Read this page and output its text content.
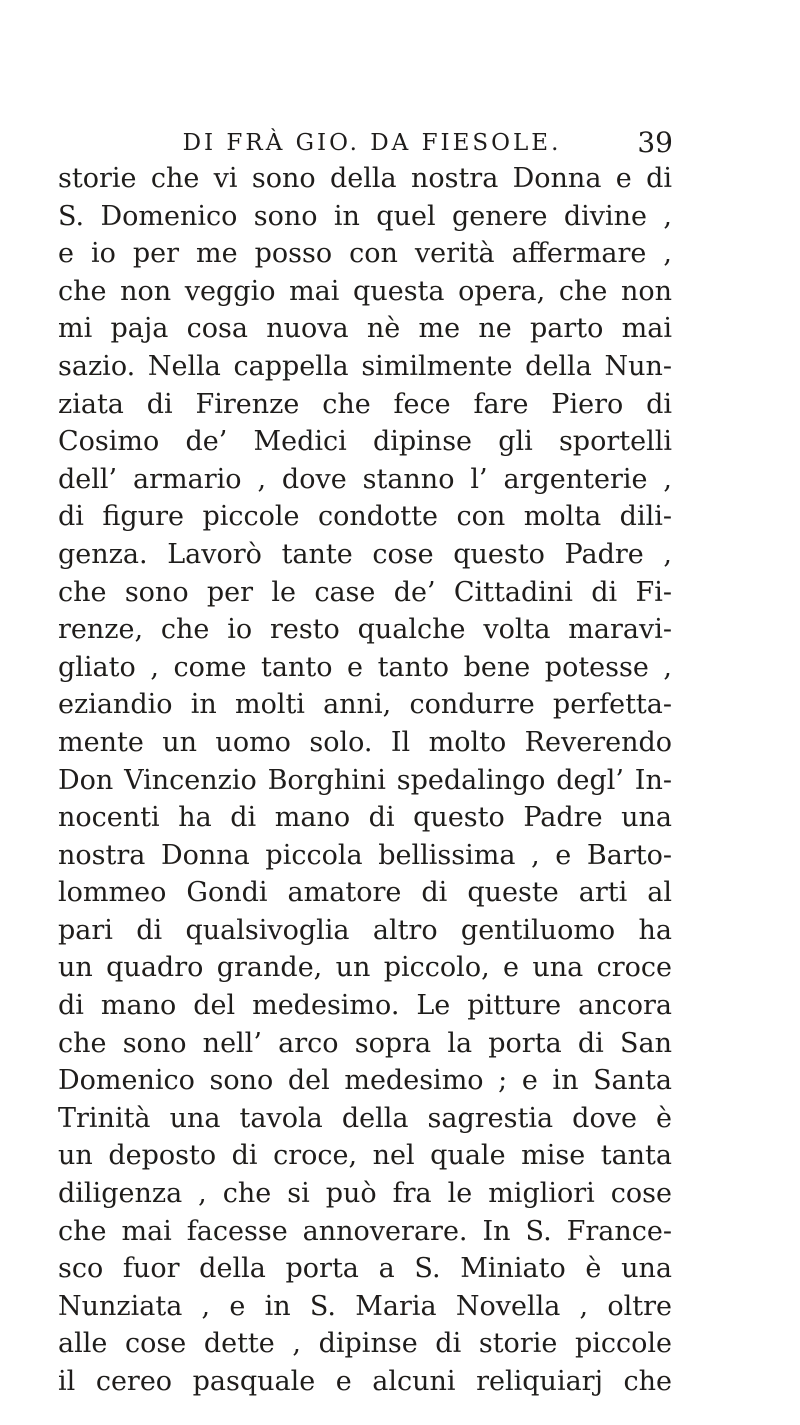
DI FRÀ GIO. DA FIESOLE.	39
storie che vi sono della nostra Donna e di
S. Domenico sono in quel genere divine ,
e io per me posso con verità affermare ,
che non veggio mai questa opera, che non
mi paja cosa nuova nè me ne parto mai
sazio. Nella cappella similmente della Nun-
ziata di Firenze che fece fare Piero di
Cosimo de’ Medici dipinse gli sportelli
dell’ armario , dove stanno l’ argenterie ,
di figure piccole condotte con molta dili-
genza. Lavorò tante cose questo Padre ,
che sono per le case de’ Cittadini di Fi-
renze, che io resto qualche volta maravi-
gliato , come tanto e tanto bene potesse ,
eziandio in molti anni, condurre perfetta-
mente un uomo solo. Il molto Reverendo
Don Vincenzio Borghini spedalingo degl’ In-
nocenti ha di mano di questo Padre una
nostra Donna piccola bellissima , e Barto-
lommeo Gondi amatore di queste arti al
pari di qualsivoglia altro gentiluomo ha
un quadro grande, un piccolo, e una croce
di mano del medesimo. Le pitture ancora
che sono nell’ arco sopra la porta di San
Domenico sono del medesimo ; e in Santa
Trinità una tavola della sagrestia dove è
un deposto di croce, nel quale mise tanta
diligenza , che si può fra le migliori cose
che mai facesse annoverare. In S. France-
sco fuor della porta a S. Miniato è una
Nunziata , e in S. Maria Novella , oltre
alle cose dette , dipinse di storie piccole
il cereo pasquale e alcuni reliquiarj che
